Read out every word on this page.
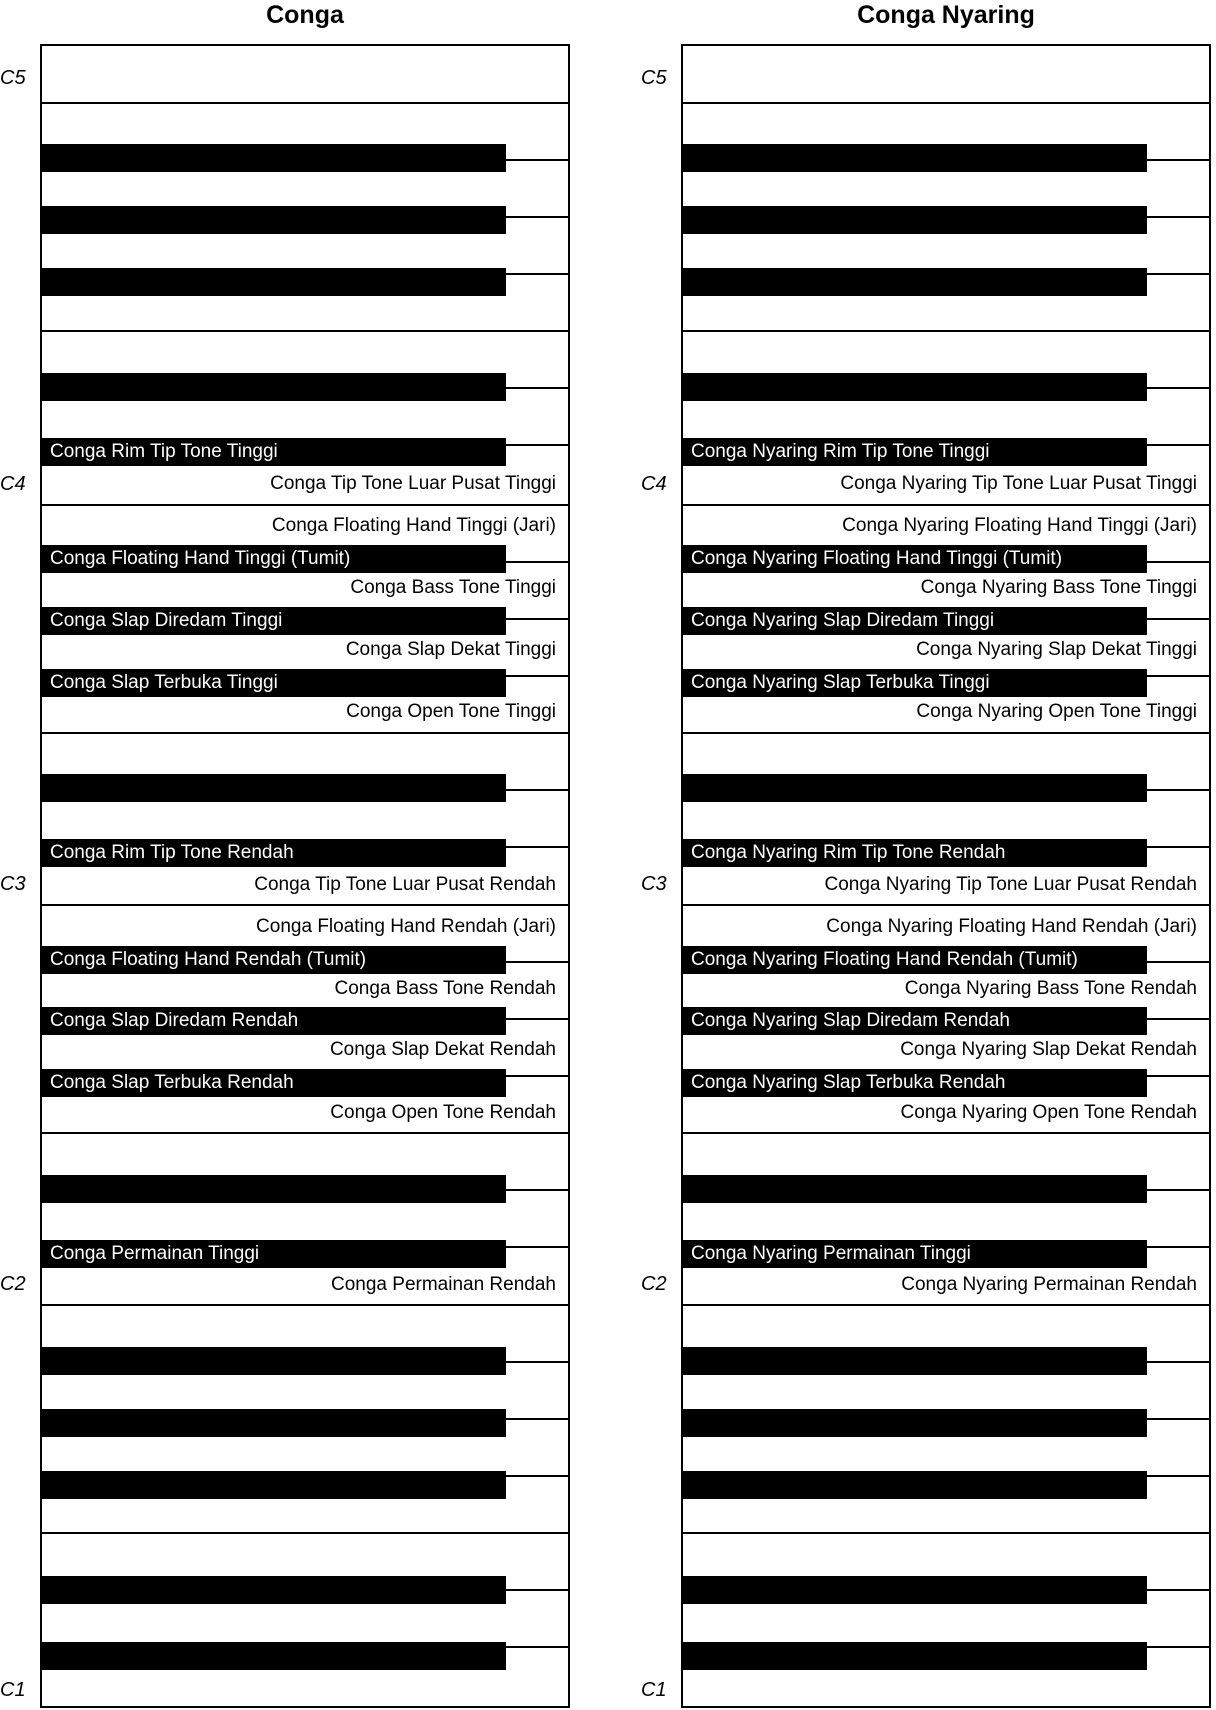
Conga
C5
C4
C3
C2
C1
Conga Rim Tip Tone Tinggi
Conga Floating Hand Tinggi (Tumit)
Conga Slap Diredam Tinggi
Conga Slap Terbuka Tinggi
Conga Rim Tip Tone Rendah
Conga Floating Hand Rendah (Tumit)
Conga Slap Diredam Rendah
Conga Slap Terbuka Rendah
Conga Permainan Tinggi
Conga Tip Tone Luar Pusat Tinggi
Conga Floating Hand Tinggi (Jari)
Conga Bass Tone Tinggi
Conga Slap Dekat Tinggi
Conga Open Tone Tinggi
Conga Tip Tone Luar Pusat Rendah
Conga Floating Hand Rendah (Jari)
Conga Bass Tone Rendah
Conga Slap Dekat Rendah
Conga Open Tone Rendah
Conga Permainan Rendah
Conga Nyaring
C5
C4
C3
C2
C1
Conga Nyaring Rim Tip Tone Tinggi
Conga Nyaring Floating Hand Tinggi (Tumit)
Conga Nyaring Slap Diredam Tinggi
Conga Nyaring Slap Terbuka Tinggi
Conga Nyaring Rim Tip Tone Rendah
Conga Nyaring Floating Hand Rendah (Tumit)
Conga Nyaring Slap Diredam Rendah
Conga Nyaring Slap Terbuka Rendah
Conga Nyaring Permainan Tinggi
Conga Nyaring Tip Tone Luar Pusat Tinggi
Conga Nyaring Floating Hand Tinggi (Jari)
Conga Nyaring Bass Tone Tinggi
Conga Nyaring Slap Dekat Tinggi
Conga Nyaring Open Tone Tinggi
Conga Nyaring Tip Tone Luar Pusat Rendah
Conga Nyaring Floating Hand Rendah (Jari)
Conga Nyaring Bass Tone Rendah
Conga Nyaring Slap Dekat Rendah
Conga Nyaring Open Tone Rendah
Conga Nyaring Permainan Rendah
